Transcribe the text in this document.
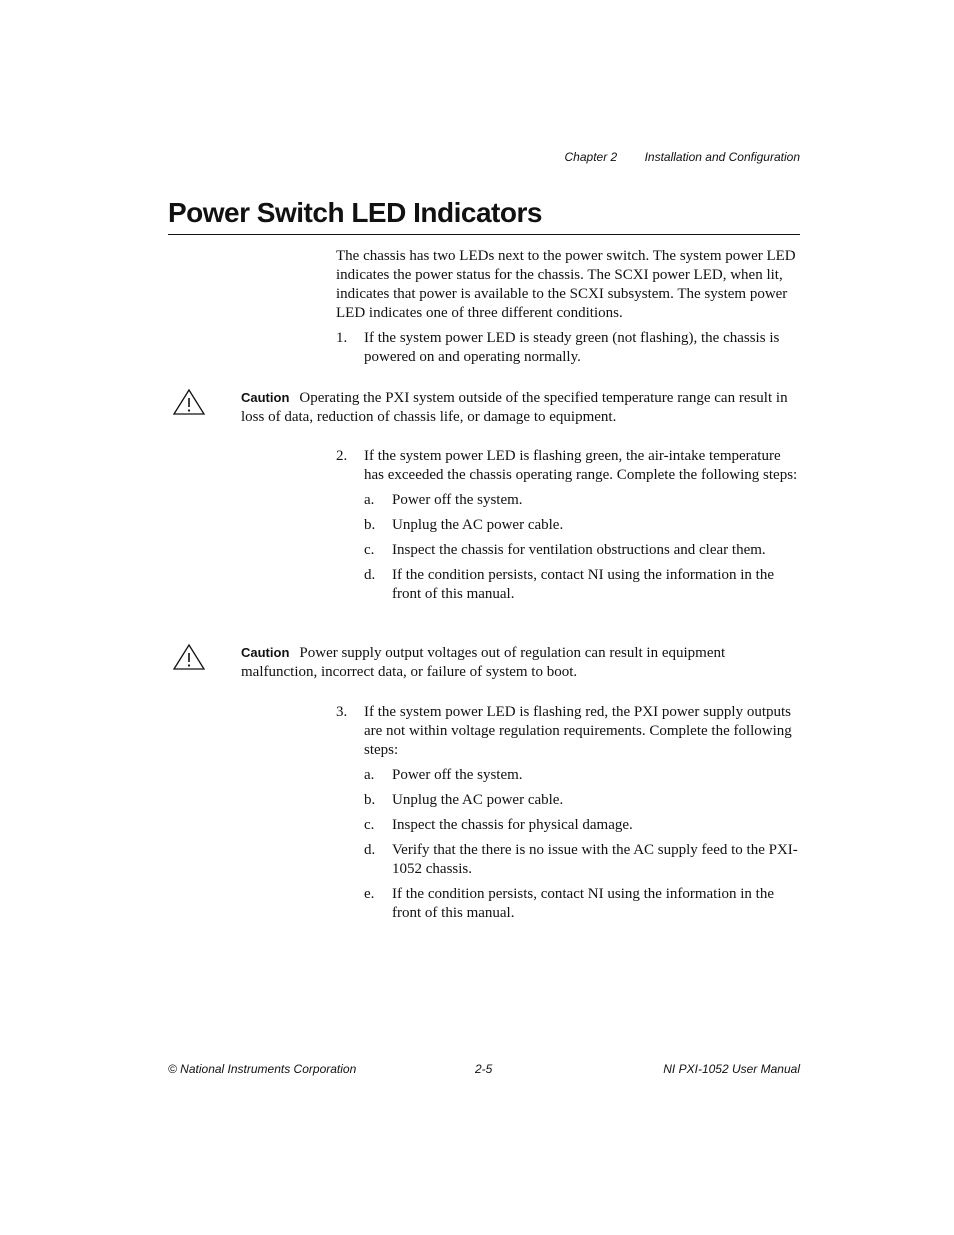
Chapter 2 Installation and Configuration
Power Switch LED Indicators

The chassis has two LEDs next to the power switch. The system power LED indicates the power status for the chassis. The SCXI power LED, when lit, indicates that power is available to the SCXI subsystem. The system power LED indicates one of three different conditions.

1.	If the system power LED is steady green (not flashing), the chassis is powered on and operating normally.
Caution Operating the PXI system outside of the specified temperature range can result in loss of data, reduction of chassis life, or damage to equipment.
2.	If the system power LED is flashing green, the air-intake temperature has exceeded the chassis operating range. Complete the following steps:
a.	Power off the system.
b.	Unplug the AC power cable.
c.	Inspect the chassis for ventilation obstructions and clear them.
d.	If the condition persists, contact NI using the information in the front of this manual.
Caution Power supply output voltages out of regulation can result in equipment malfunction, incorrect data, or failure of system to boot.
3.	If the system power LED is flashing red, the PXI power supply outputs are not within voltage regulation requirements. Complete the following steps:
a.	Power off the system.
b.	Unplug the AC power cable.
c.	Inspect the chassis for physical damage.
d.	Verify that the there is no issue with the AC supply feed to the PXI-1052 chassis.
e.	If the condition persists, contact NI using the information in the front of this manual.
© National Instruments Corporation	2-5	NI PXI-1052 User Manual
